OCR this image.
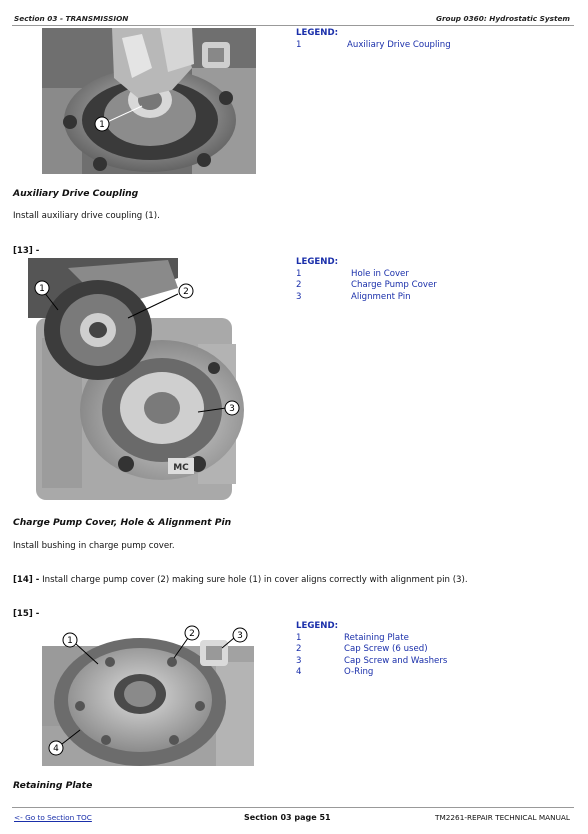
Section 03 - TRANSMISSION	Group 0360: Hydrostatic System
1
LEGEND:
1	Auxiliary Drive Coupling
Auxiliary Drive Coupling
Install auxiliary drive coupling (1).
[13] -
MC
1	2
3
LEGEND:
1	Hole in Cover
2	Charge Pump Cover
3	Alignment Pin
Charge Pump Cover, Hole & Alignment Pin
Install bushing in charge pump cover.
[14] - Install charge pump cover (2) making sure hole (1) in cover aligns correctly with alignment pin (3).
[15] -
1
2	3
4
LEGEND:
1	Retaining Plate
2	Cap Screw (6 used)
3	Cap Screw and Washers
4	O-Ring
Retaining Plate
<- Go to Section TOC	Section 03 page 51	TM2261-REPAIR TECHNICAL MANUAL
